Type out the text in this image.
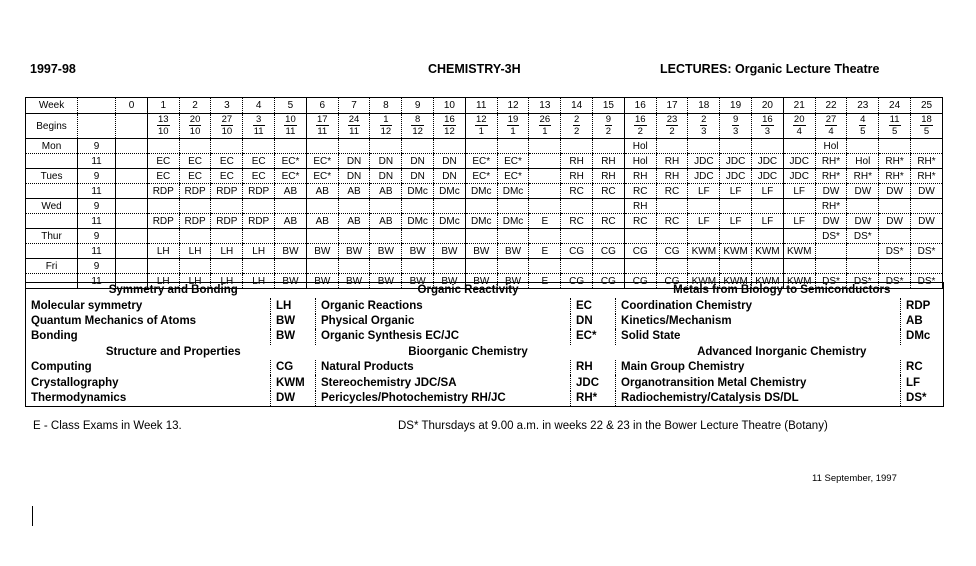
1997-98	CHEMISTRY-3H	LECTURES: Organic Lecture Theatre
Week		0	1	2	3	4	5	6	7	8	9	10	11	12	13	14	15	16	17	18	19	20	21	22	23	24	25
Begins			$\frac{13}{10}$	$\frac{20}{10}$	$\frac{27}{10}$	$\frac{3}{11}$	$\frac{10}{11}$	$\frac{17}{11}$	$\frac{24}{11}$	$\frac{1}{12}$	$\frac{8}{12}$	$\frac{16}{12}$	$\frac{12}{1}$	$\frac{19}{1}$	$\frac{26}{1}$	$\frac{2}{2}$	$\frac{9}{2}$	$\frac{16}{2}$	$\frac{23}{2}$	$\frac{2}{3}$	$\frac{9}{3}$	$\frac{16}{3}$	$\frac{20}{4}$	$\frac{27}{4}$	$\frac{4}{5}$	$\frac{11}{5}$	$\frac{18}{5}$

Mon	9																	Hol						Hol			
	11		EC	EC	EC	EC	EC*	EC*	DN	DN	DN	DN	EC*	EC*		RH	RH	Hol	RH	JDC	JDC	JDC	JDC	RH*	Hol	RH*	RH*
Tues	9		EC	EC	EC	EC	EC*	EC*	DN	DN	DN	DN	EC*	EC*		RH	RH	RH	RH	JDC	JDC	JDC	JDC	RH*	RH*	RH*	RH*
	11		RDP	RDP	RDP	RDP	AB	AB	AB	AB	DMc	DMc	DMc	DMc		RC	RC	RC	RC	LF	LF	LF	LF	DW	DW	DW	DW
Wed	9																	RH						RH*			
	11		RDP	RDP	RDP	RDP	AB	AB	AB	AB	DMc	DMc	DMc	DMc	E	RC	RC	RC	RC	LF	LF	LF	LF	DW	DW	DW	DW
Thur	9																							DS*	DS*		
	11		LH	LH	LH	LH	BW	BW	BW	BW	BW	BW	BW	BW	E	CG	CG	CG	CG	KWM	KWM	KWM	KWM			DS*	DS*
Fri	9																										
	11		LH	LH	LH	LH	BW	BW	BW	BW	BW	BW	BW	BW	E	CG	CG	CG	CG	KWM	KWM	KWM	KWM	DS*	DS*	DS*	DS*
Symmetry and Bonding		Organic Reactivity		Metals from Biology to Semiconductors	
Molecular symmetry	LH	Organic Reactions	EC	Coordination Chemistry	RDP
Quantum Mechanics of Atoms	BW	Physical Organic	DN	Kinetics/Mechanism	AB
Bonding	BW	Organic Synthesis EC/JC	EC*	Solid State	DMc
Structure and Properties		Bioorganic Chemistry		Advanced Inorganic Chemistry	
Computing	CG	Natural Products	RH	Main Group Chemistry	RC
Crystallography	KWM	Stereochemistry JDC/SA	JDC	Organotransition Metal Chemistry	LF
Thermodynamics	DW	Pericycles/Photochemistry RH/JC	RH*	Radiochemistry/Catalysis DS/DL	DS*
E - Class Exams in Week 13.	DS* Thursdays at 9.00 a.m. in weeks 22 & 23 in the Bower Lecture Theatre (Botany)
11 September, 1997
